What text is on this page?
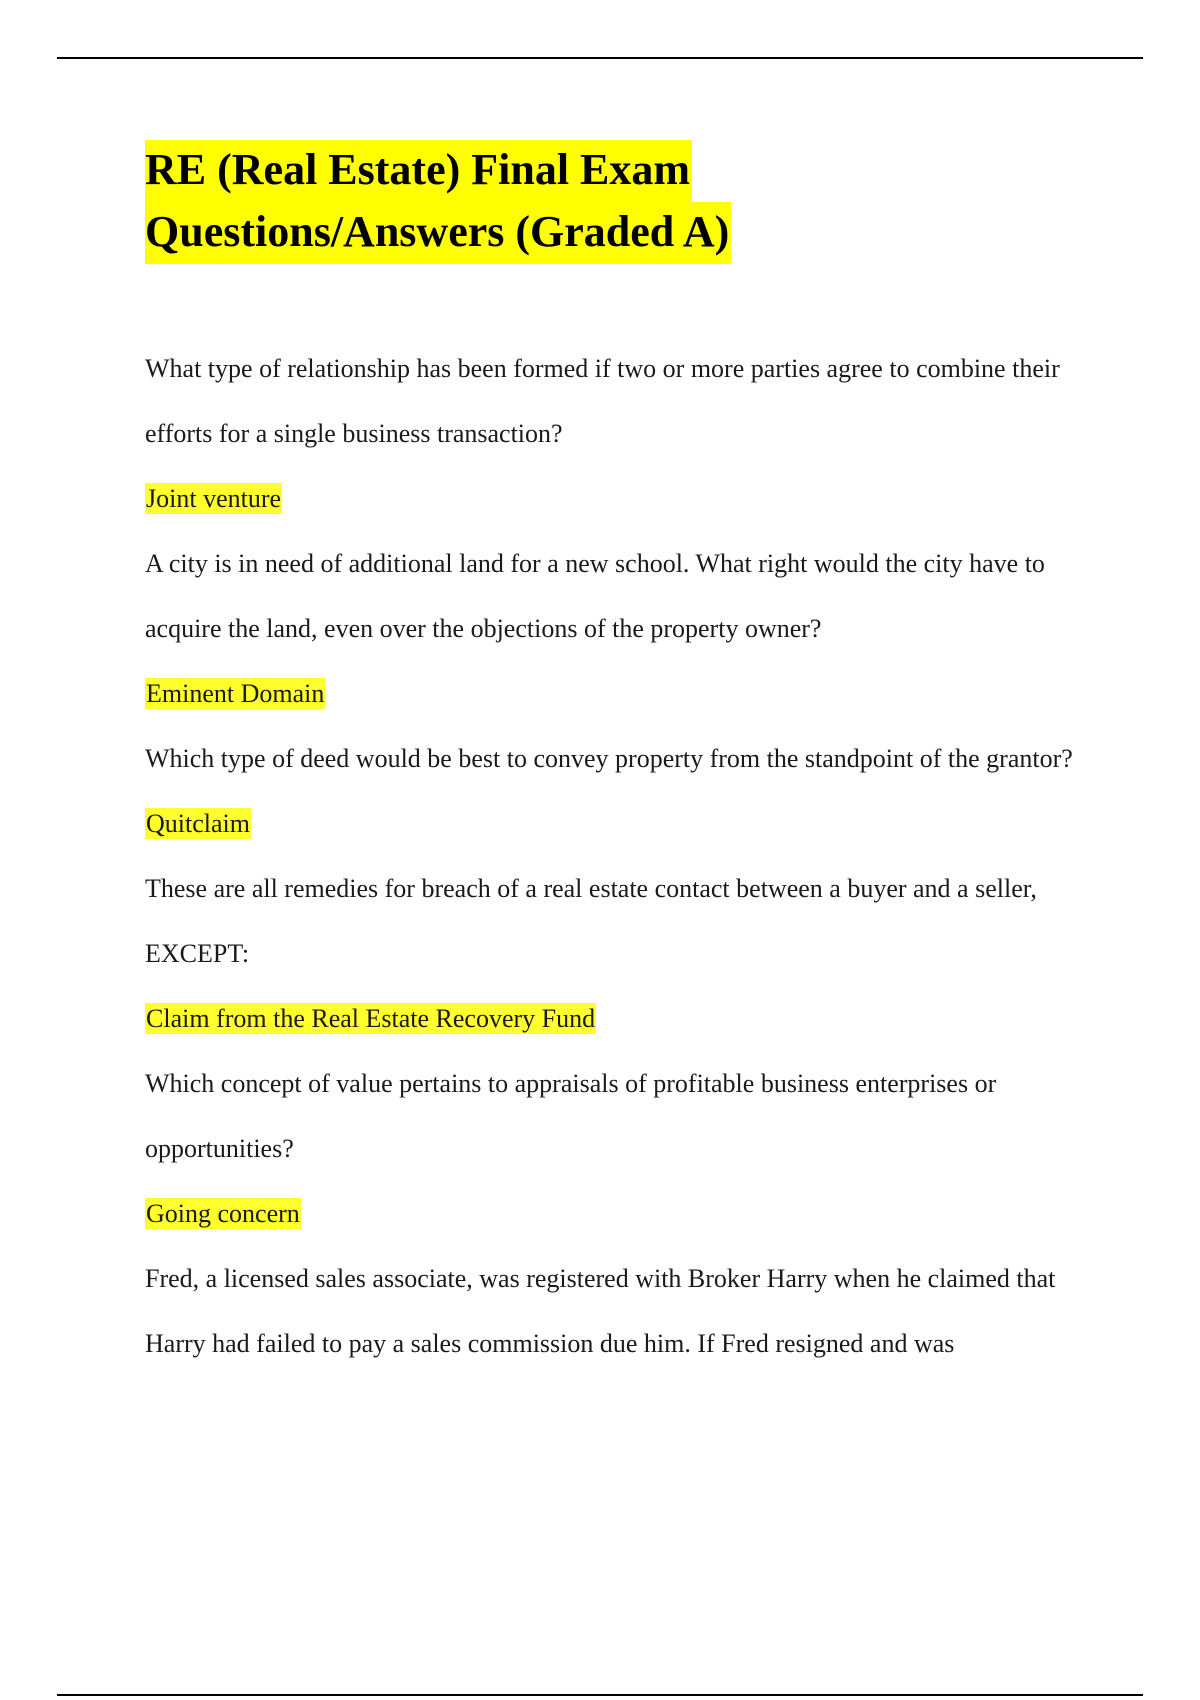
RE (Real Estate) Final Exam
Questions/Answers (Graded A)

What type of relationship has been formed if two or more parties agree to combine their efforts for a single business transaction?

Joint venture

A city is in need of additional land for a new school. What right would the city have to acquire the land, even over the objections of the property owner?

Eminent Domain

Which type of deed would be best to convey property from the standpoint of the grantor?

Quitclaim

These are all remedies for breach of a real estate contact between a buyer and a seller, EXCEPT:

Claim from the Real Estate Recovery Fund

Which concept of value pertains to appraisals of profitable business enterprises or opportunities?

Going concern

Fred, a licensed sales associate, was registered with Broker Harry when he claimed that Harry had failed to pay a sales commission due him. If Fred resigned and was
